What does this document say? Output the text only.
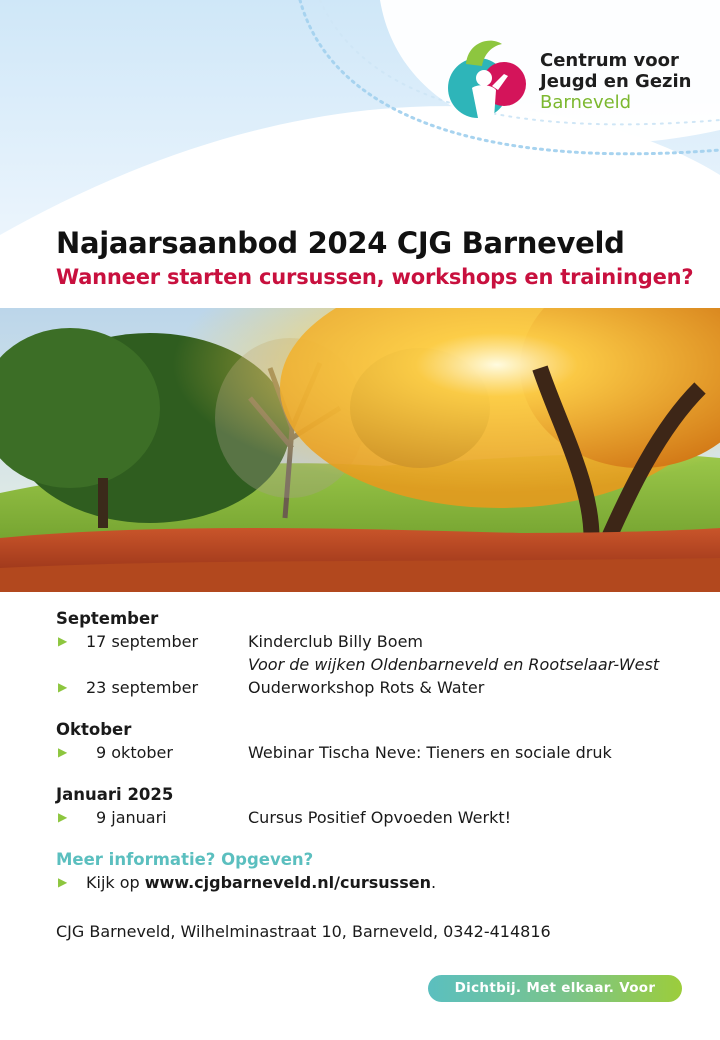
Centrum voor
Jeugd en Gezin
Barneveld
Najaarsaanbod 2024 CJG Barneveld
Wanneer starten cursussen, workshops en trainingen?
September
▶ 17 september	Kinderclub Billy Boem
Voor de wijken Oldenbarneveld en Rootselaar-West
▶ 23 september	Ouderworkshop Rots & Water
Oktober
▶ 9 oktober	Webinar Tischa Neve: Tieners en sociale druk
Januari 2025
▶ 9 januari	Cursus Positief Opvoeden Werkt!
Meer informatie? Opgeven?
▶ Kijk op www.cjgbarneveld.nl/cursussen.
CJG Barneveld, Wilhelminastraat 10, Barneveld, 0342-414816
Dichtbij. Met elkaar. Voor elkaar.
